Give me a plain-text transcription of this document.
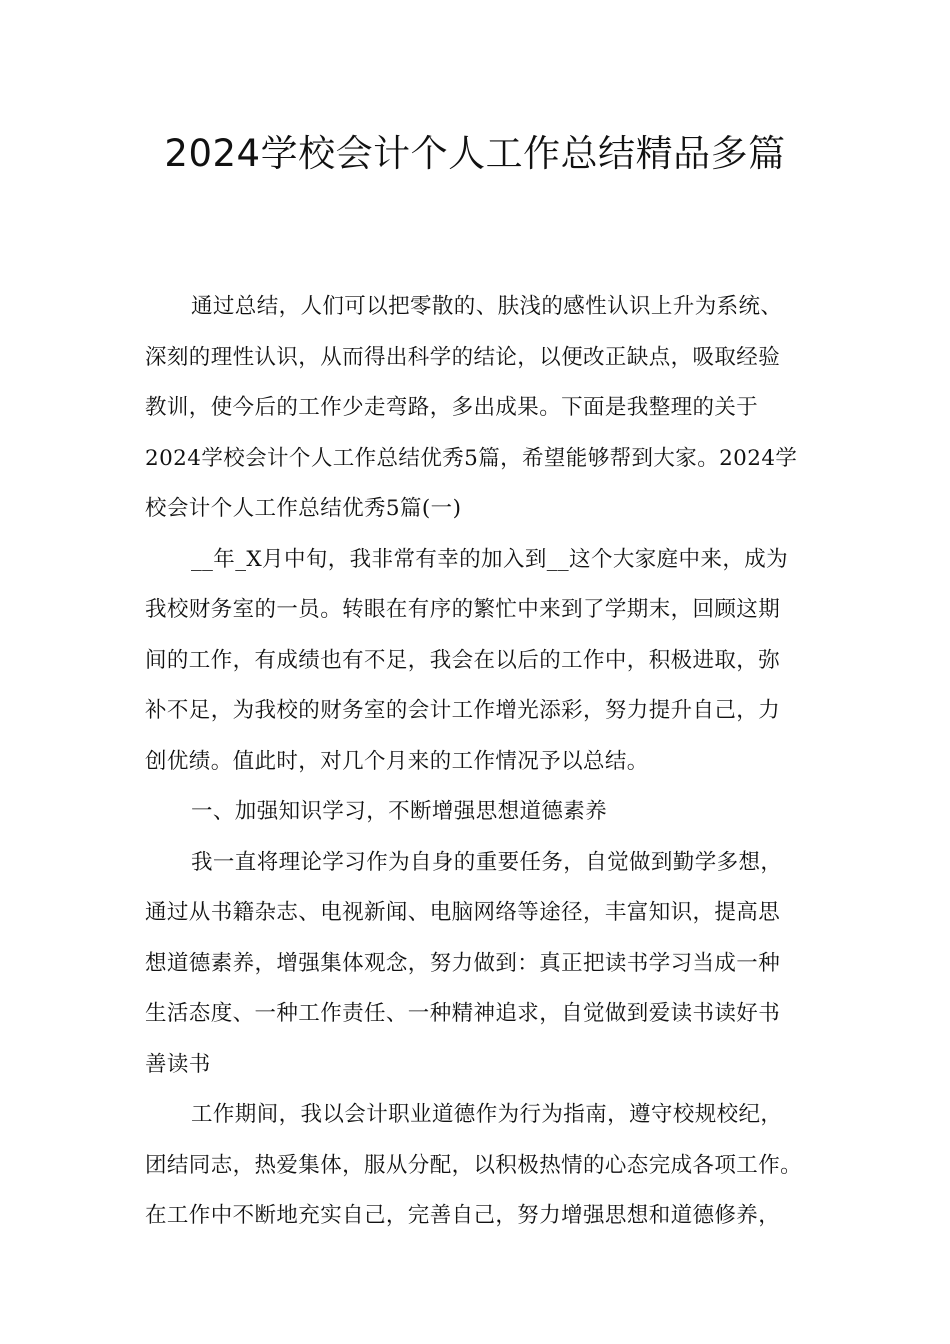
2024学校会计个人工作总结精品多篇
通过总结，人们可以把零散的、肤浅的感性认识上升为系统、
深刻的理性认识，从而得出科学的结论，以便改正缺点，吸取经验
教训，使今后的工作少走弯路，多出成果。下面是我整理的关于
2024学校会计个人工作总结优秀5篇，希望能够帮到大家。2024学
校会计个人工作总结优秀5篇(一)
__年_X月中旬，我非常有幸的加入到__这个大家庭中来，成为
我校财务室的一员。转眼在有序的繁忙中来到了学期末，回顾这期
间的工作，有成绩也有不足，我会在以后的工作中，积极进取，弥
补不足，为我校的财务室的会计工作增光添彩，努力提升自己，力
创优绩。值此时，对几个月来的工作情况予以总结。
一、加强知识学习，不断增强思想道德素养
我一直将理论学习作为自身的重要任务，自觉做到勤学多想，
通过从书籍杂志、电视新闻、电脑网络等途径，丰富知识，提高思
想道德素养，增强集体观念，努力做到：真正把读书学习当成一种
生活态度、一种工作责任、一种精神追求，自觉做到爱读书读好书
善读书
工作期间，我以会计职业道德作为行为指南，遵守校规校纪，
团结同志，热爱集体，服从分配，以积极热情的心态完成各项工作。
在工作中不断地充实自己，完善自己，努力增强思想和道德修养，
